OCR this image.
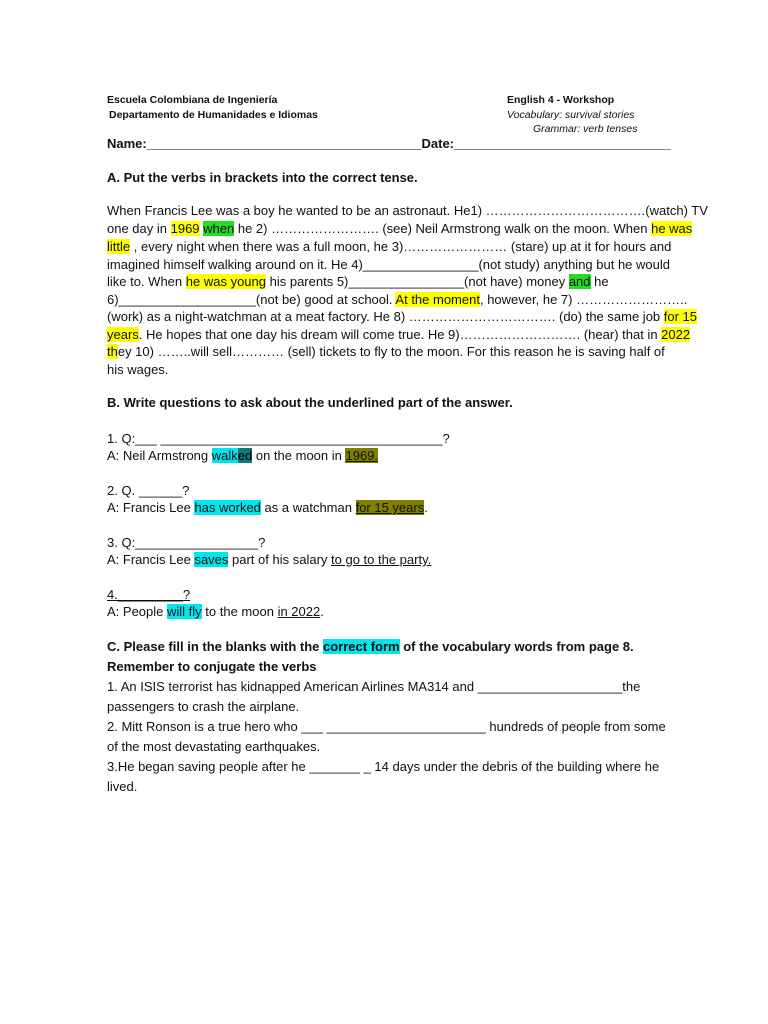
Escuela Colombiana de Ingeniería
Departamento de Humanidades e Idiomas
English 4 - Workshop
Vocabulary: survival stories
Grammar: verb tenses
Name:______________________________________Date:______________________________
A. Put the verbs in brackets into the correct tense.
When Francis Lee was a boy he wanted to be an astronaut. He1) ……………………………….(watch) TV
one day in 1969 when he 2) ……………………. (see) Neil Armstrong walk on the moon. When he was
little , every night when there was a full moon, he 3)…………………… (stare) up at it for hours and
imagined himself walking around on it. He 4)________________(not study) anything but he would
like to. When he was young his parents 5)________________(not have) money and he
6)___________________(not be) good at school. At the moment, however, he 7) ……………………..
(work) as a night-watchman at a meat factory. He 8) ……………………………. (do) the same job for 15
years. He hopes that one day his dream will come true. He 9)………………………. (hear) that in 2022
they 10) ……..will sell………… (sell) tickets to fly to the moon. For this reason he is saving half of
his wages.
B. Write questions to ask about the underlined part of the answer.
1. Q:___ _______________________________________?
A: Neil Armstrong walked on the moon in 1969.
2. Q. ______?
A: Francis Lee has worked as a watchman for 15 years.
3. Q:_________________?
A: Francis Lee saves part of his salary to go to the party.
4._________?
A: People will fly to the moon in 2022.
C. Please fill in the blanks with the correct form of the vocabulary words from page 8.
Remember to conjugate the verbs
1. An ISIS terrorist has kidnapped American Airlines MA314 and ____________________the
passengers to crash the airplane.
2. Mitt Ronson is a true hero who ___ ______________________ hundreds of people from some
of the most devastating earthquakes.
3.He began saving people after he _______ _ 14 days under the debris of the building where he
lived.
